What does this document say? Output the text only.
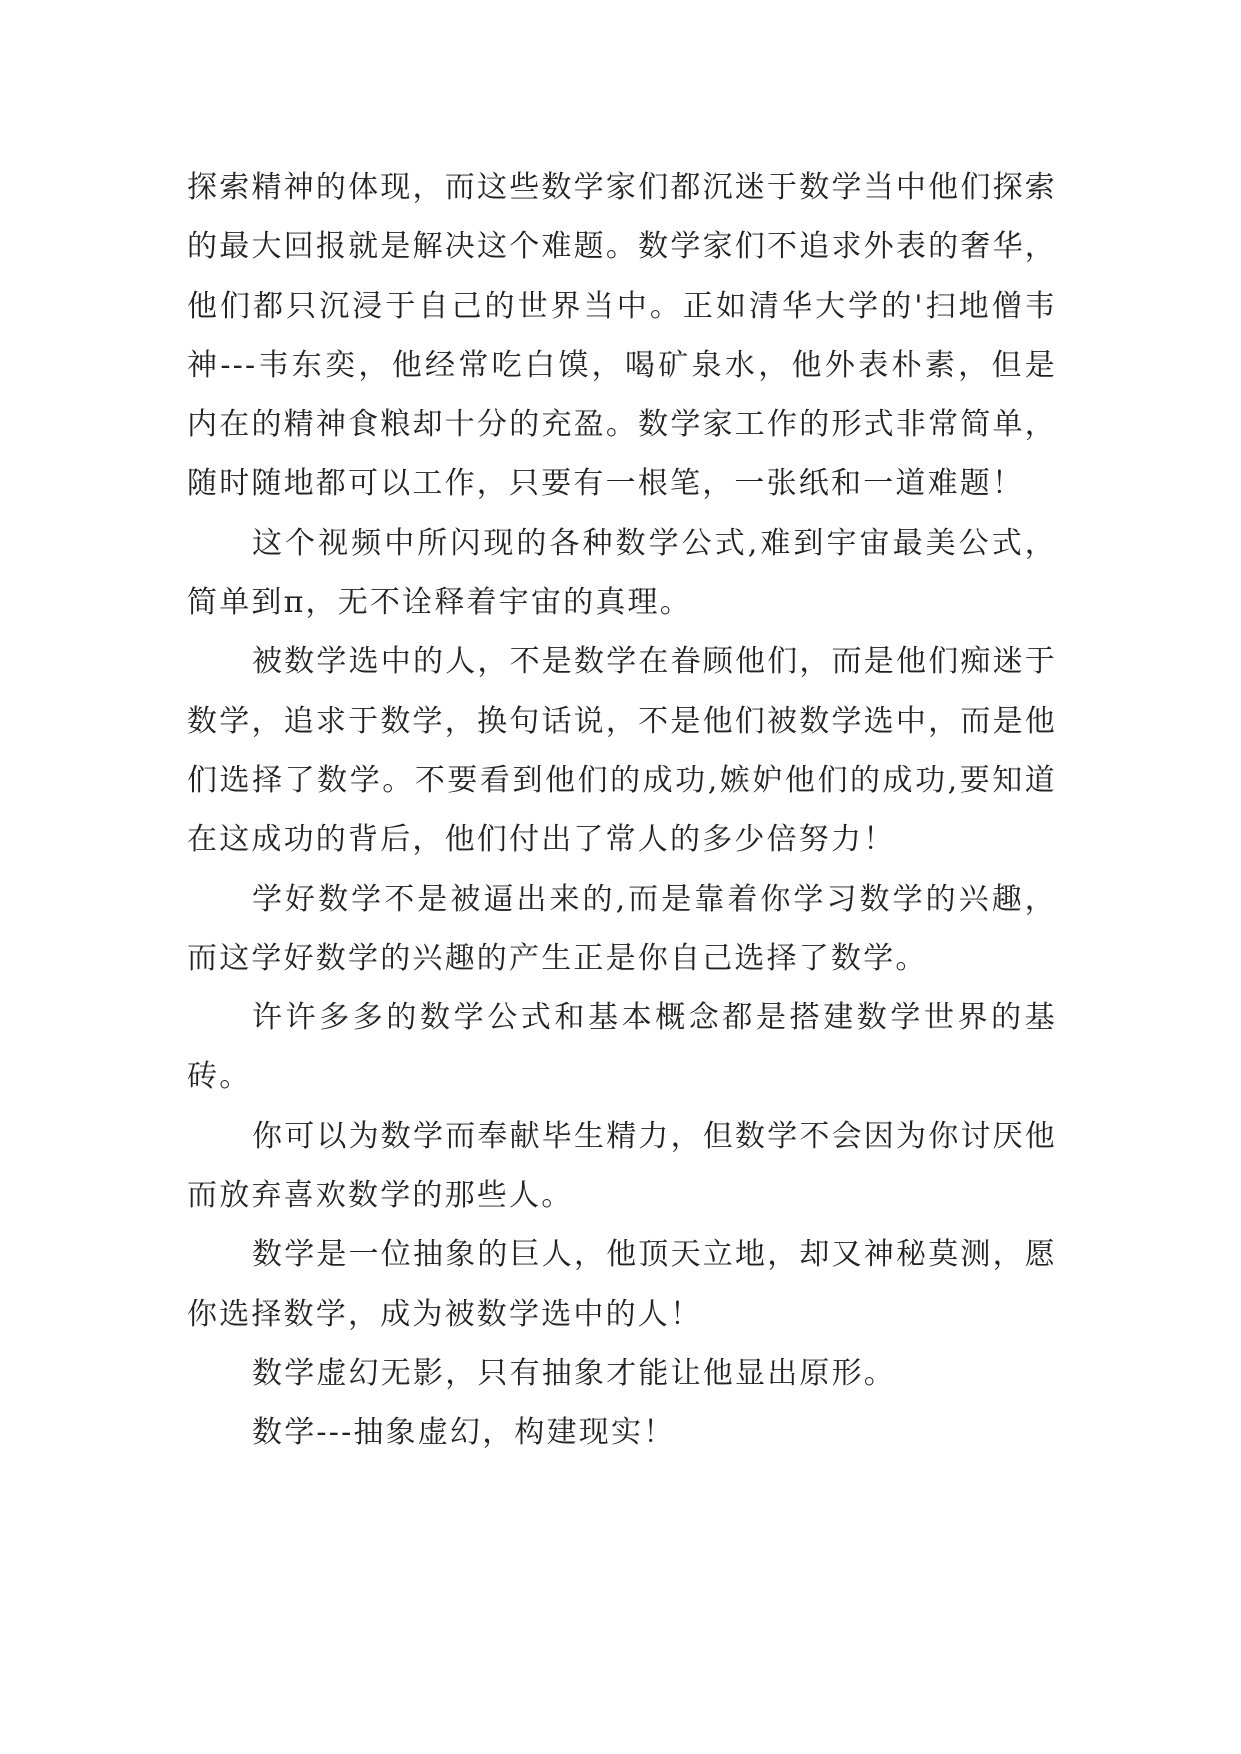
探索精神的体现，而这些数学家们都沉迷于数学当中他们探索的最大回报就是解决这个难题。数学家们不追求外表的奢华，他们都只沉浸于自己的世界当中。正如清华大学的'扫地僧韦神---韦东奕，他经常吃白馍，喝矿泉水，他外表朴素，但是内在的精神食粮却十分的充盈。数学家工作的形式非常简单，随时随地都可以工作，只要有一根笔，一张纸和一道难题！

这个视频中所闪现的各种数学公式,难到宇宙最美公式，简单到π，无不诠释着宇宙的真理。

被数学选中的人，不是数学在眷顾他们，而是他们痴迷于数学，追求于数学，换句话说，不是他们被数学选中，而是他们选择了数学。不要看到他们的成功,嫉妒他们的成功,要知道在这成功的背后，他们付出了常人的多少倍努力！

学好数学不是被逼出来的,而是靠着你学习数学的兴趣，而这学好数学的兴趣的产生正是你自己选择了数学。

许许多多的数学公式和基本概念都是搭建数学世界的基砖。

你可以为数学而奉献毕生精力，但数学不会因为你讨厌他而放弃喜欢数学的那些人。

数学是一位抽象的巨人，他顶天立地，却又神秘莫测，愿你选择数学，成为被数学选中的人！

数学虚幻无影，只有抽象才能让他显出原形。

数学---抽象虚幻，构建现实！
